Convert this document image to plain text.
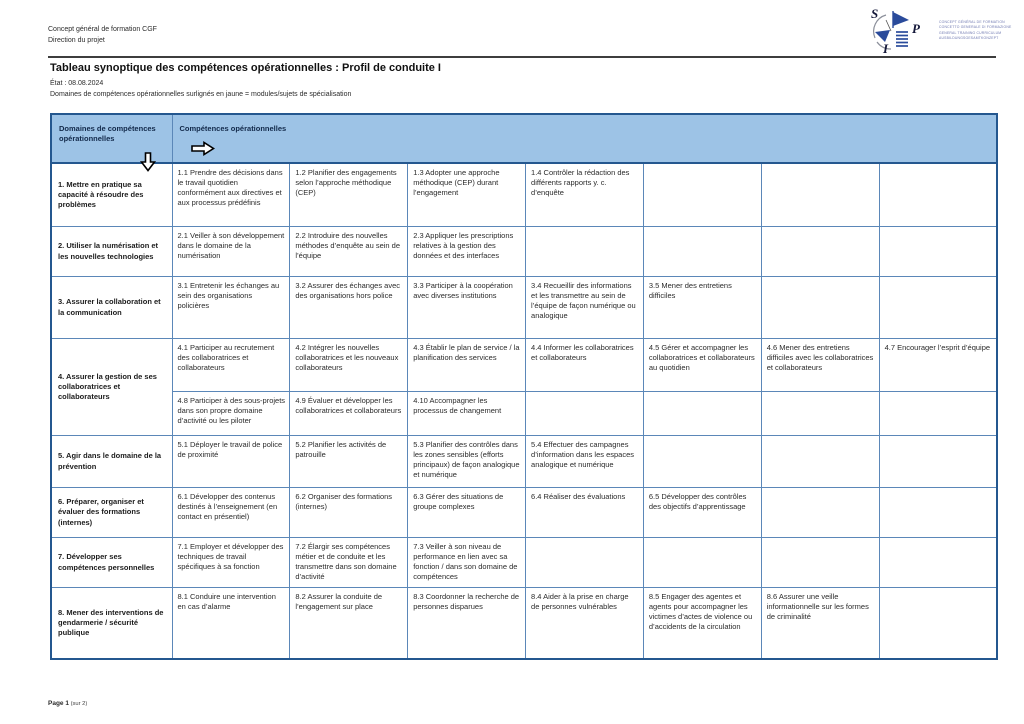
Concept général de formation CGF
Direction du projet
S
P
I
CONCEPT GÉNÉRAL DE FORMATION
CONCETTO GENERALE DI FORMAZIONE
GENERAL TRAINING CURRICULUM
AUSBILDUNGSGESAMTKONZEPT
Tableau synoptique des compétences opérationnelles : Profil de conduite I
État : 08.08.2024
Domaines de compétences opérationnelles surlignés en jaune = modules/sujets de spécialisation
Domaines de compétences opérationnelles	Compétences opérationnelles						

1. Mettre en pratique sa capacité à résoudre des problèmes	1.1 Prendre des décisions dans le travail quotidien conformément aux directives et aux processus prédéfinis	1.2 Planifier des engagements selon l’approche méthodique (CEP)	1.3 Adopter une approche méthodique (CEP) durant l’engagement	1.4 Contrôler la rédaction des différents rapports y. c. d’enquête			
2. Utiliser la numérisation et les nouvelles technologies	2.1 Veiller à son développement dans le domaine de la numérisation	2.2 Introduire des nouvelles méthodes d’enquête au sein de l’équipe	2.3 Appliquer les prescriptions relatives à la gestion des données et des interfaces				
3. Assurer la collaboration et la communication	3.1 Entretenir les échanges au sein des organisations policières	3.2 Assurer des échanges avec des organisations hors police	3.3 Participer à la coopération avec diverses institutions	3.4 Recueillir des informations et les transmettre au sein de l’équipe de façon numérique ou analogique	3.5 Mener des entretiens difficiles		
4. Assurer la gestion de ses collaboratrices et collaborateurs	4.1 Participer au recrutement des collaboratrices et collaborateurs	4.2 Intégrer les nouvelles collaboratrices et les nouveaux collaborateurs	4.3 Établir le plan de service / la planification des services	4.4 Informer les collaboratrices et collaborateurs	4.5 Gérer et accompagner les collaboratrices et collaborateurs au quotidien	4.6 Mener des entretiens difficiles avec les collaboratrices et collaborateurs	4.7 Encourager l’esprit d’équipe
	4.8 Participer à des sous-projets dans son propre domaine d’activité ou les piloter	4.9 Évaluer et développer les collaboratrices et collaborateurs	4.10 Accompagner les processus de changement				
5. Agir dans le domaine de la prévention	5.1 Déployer le travail de police de proximité	5.2 Planifier les activités de patrouille	5.3 Planifier des contrôles dans les zones sensibles (efforts principaux) de façon analogique et numérique	5.4 Effectuer des campagnes d’information dans les espaces analogique et numérique			
6. Préparer, organiser et évaluer des formations (internes)	6.1 Développer des contenus destinés à l’enseignement (en contact en présentiel)	6.2 Organiser des formations (internes)	6.3 Gérer des situations de groupe complexes	6.4 Réaliser des évaluations	6.5 Développer des contrôles des objectifs d’apprentissage		
7. Développer ses compétences personnelles	7.1 Employer et développer des techniques de travail spécifiques à sa fonction	7.2 Élargir ses compétences métier et de conduite et les transmettre dans son domaine d’activité	7.3 Veiller à son niveau de performance en lien avec sa fonction / dans son domaine de compétences				
8. Mener des interventions de gendarmerie / sécurité publique	8.1 Conduire une intervention en cas d’alarme	8.2 Assurer la conduite de l’engagement sur place	8.3 Coordonner la recherche de personnes disparues	8.4 Aider à la prise en charge de personnes vulnérables	8.5 Engager des agentes et agents pour accompagner les victimes d’actes de violence ou d’accidents de la circulation	8.6 Assurer une veille informationnelle sur les formes de criminalité	
Page 1 (sur 2)
